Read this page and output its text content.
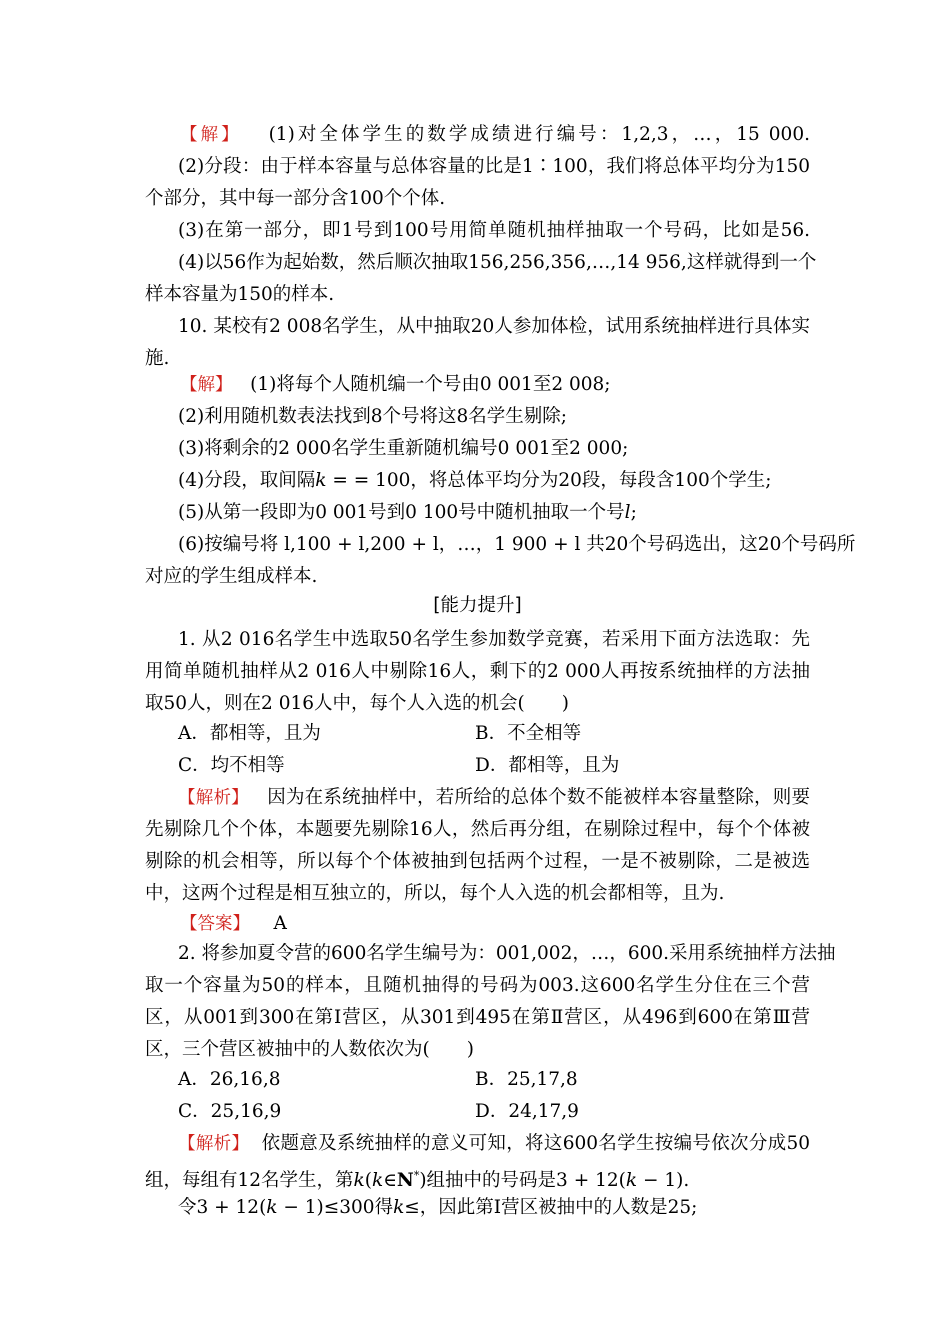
【解】 (1)对全体学生的数学成绩进行编号：1,2,3，…，15 000.
(2)分段：由于样本容量与总体容量的比是1∶100，我们将总体平均分为150
个部分，其中每一部分含100个个体.
(3)在第一部分，即1号到100号用简单随机抽样抽取一个号码，比如是56.
(4)以56作为起始数，然后顺次抽取156,256,356,…,14 956,这样就得到一个
样本容量为150的样本.
10. 某校有2 008名学生，从中抽取20人参加体检，试用系统抽样进行具体实
施.
【解】 (1)将每个人随机编一个号由0 001至2 008;
(2)利用随机数表法找到8个号将这8名学生剔除;
(3)将剩余的2 000名学生重新随机编号0 001至2 000;
(4)分段，取间隔k = = 100，将总体平均分为20段，每段含100个学生;
(5)从第一段即为0 001号到0 100号中随机抽取一个号l;
(6)按编号将 l,100 + l,200 + l，…，1 900 + l 共20个号码选出，这20个号码所
对应的学生组成样本.
[能力提升]
1. 从2 016名学生中选取50名学生参加数学竞赛，若采用下面方法选取：先
用简单随机抽样从2 016人中剔除16人，剩下的2 000人再按系统抽样的方法抽
取50人，则在2 016人中，每个人入选的机会(　　)
A．都相等，且为	B．不全相等
C．均不相等	D．都相等，且为
【解析】 因为在系统抽样中，若所给的总体个数不能被样本容量整除，则要
先剔除几个个体，本题要先剔除16人，然后再分组，在剔除过程中，每个个体被
剔除的机会相等，所以每个个体被抽到包括两个过程，一是不被剔除，二是被选
中，这两个过程是相互独立的，所以，每个人入选的机会都相等，且为.
【答案】 A
2. 将参加夏令营的600名学生编号为：001,002，…，600.采用系统抽样方法抽
取一个容量为50的样本，且随机抽得的号码为003.这600名学生分住在三个营
区，从001到300在第Ⅰ营区，从301到495在第Ⅱ营区，从496到600在第Ⅲ营
区，三个营区被抽中的人数依次为(　　)
A．26,16,8	B．25,17,8
C．25,16,9	D．24,17,9
【解析】 依题意及系统抽样的意义可知，将这600名学生按编号依次分成50
组，每组有12名学生，第k(k∈N*)组抽中的号码是3 + 12(k − 1).
令3 + 12(k − 1)≤300得k≤，因此第Ⅰ营区被抽中的人数是25;
